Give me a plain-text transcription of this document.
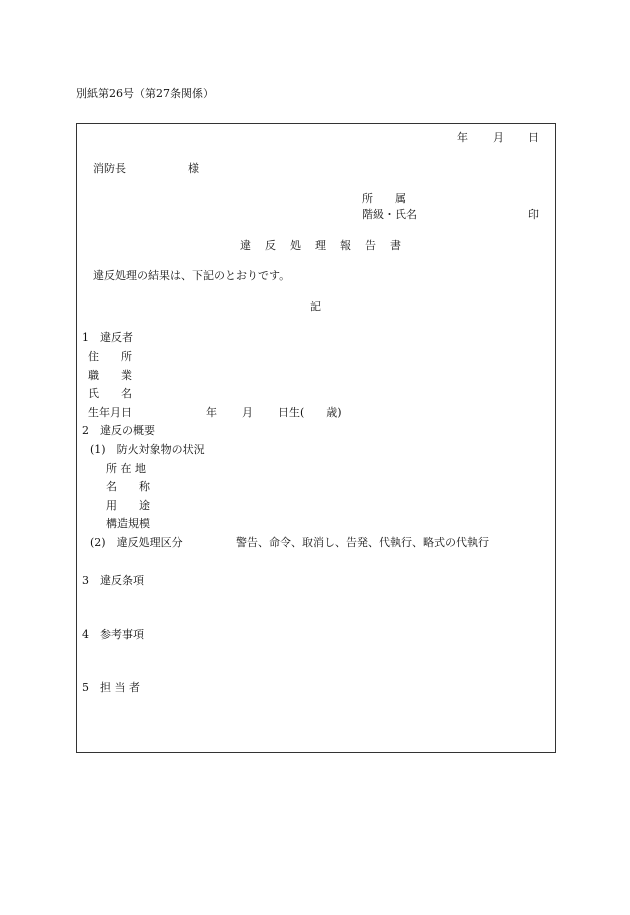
別紙第26号（第27条関係）
年 月 日
消防長	様
所　　属
階級・氏名	印
違反処理報告書
違反処理の結果は、下記のとおりです。
記
1　違反者
住　　所
職　　業
氏　　名
生年月日	年 月 日生(　　歳)
2　違反の概要
(1)　防火対象物の状況
所 在 地
名　　称
用　　途
構造規模
(2)　違反処理区分	警告、命令、取消し、告発、代執行、略式の代執行
3　違反条項
4　参考事項
5　担 当 者
